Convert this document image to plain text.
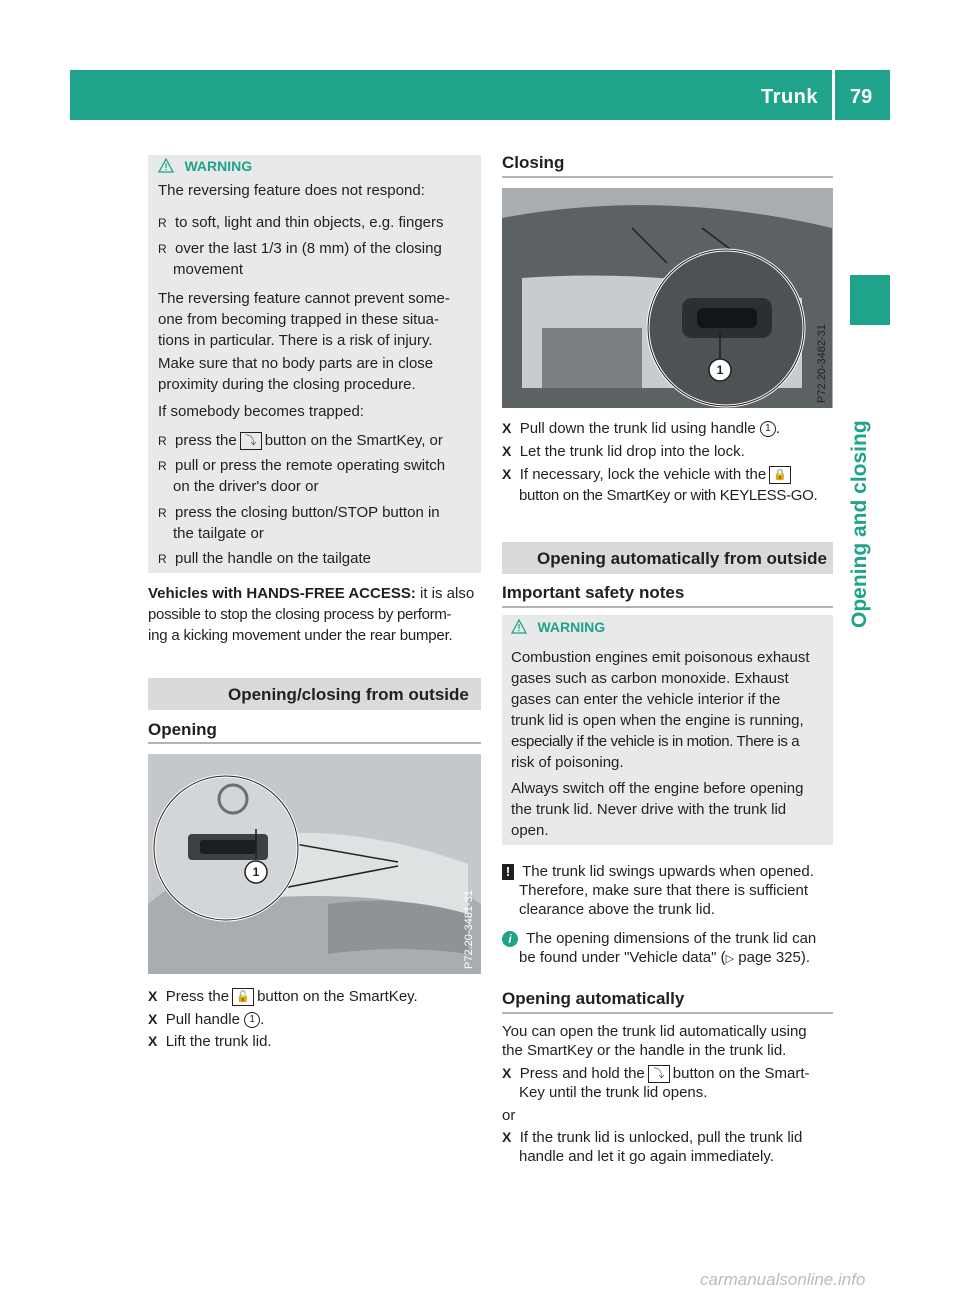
Trunk 79
Opening and closing
WARNING
The reversing feature does not respond:
R to soft, light and thin objects, e.g. fingers
R over the last 1/3 in (8 mm) of the closing
movement
The reversing feature cannot prevent some-
one from becoming trapped in these situa-
tions in particular. There is a risk of injury.
Make sure that no body parts are in close
proximity during the closing procedure.
If somebody becomes trapped:
R press the ⤵ button on the SmartKey, or
R pull or press the remote operating switch
on the driver's door or
R press the closing button/STOP button in
the tailgate or
R pull the handle on the tailgate
Vehicles with HANDS-FREE ACCESS: it is also
possible to stop the closing process by perform-
ing a kicking movement under the rear bumper.
Opening/closing from outside
Opening
1
P72.20-3481-31
X Press the 🔓 button on the SmartKey.
X Pull handle 1 .
X Lift the trunk lid.
Closing
1	P72.20-3482-31
X Pull down the trunk lid using handle 1 .
X Let the trunk lid drop into the lock.
X If necessary, lock the vehicle with the 🔒
button on the SmartKey or with KEYLESS-GO.
Opening automatically from outside
Important safety notes
WARNING
Combustion engines emit poisonous exhaust
gases such as carbon monoxide. Exhaust
gases can enter the vehicle interior if the
trunk lid is open when the engine is running,
especially if the vehicle is in motion. There is a
risk of poisoning.
Always switch off the engine before opening
the trunk lid. Never drive with the trunk lid
open.
! The trunk lid swings upwards when opened.
Therefore, make sure that there is sufficient
clearance above the trunk lid.
i The opening dimensions of the trunk lid can
be found under "Vehicle data" (▷ page 325).
Opening automatically
You can open the trunk lid automatically using
the SmartKey or the handle in the trunk lid.
X Press and hold the ⤵ button on the Smart-
Key until the trunk lid opens.
or
X If the trunk lid is unlocked, pull the trunk lid
handle and let it go again immediately.
carmanualsonline.info
